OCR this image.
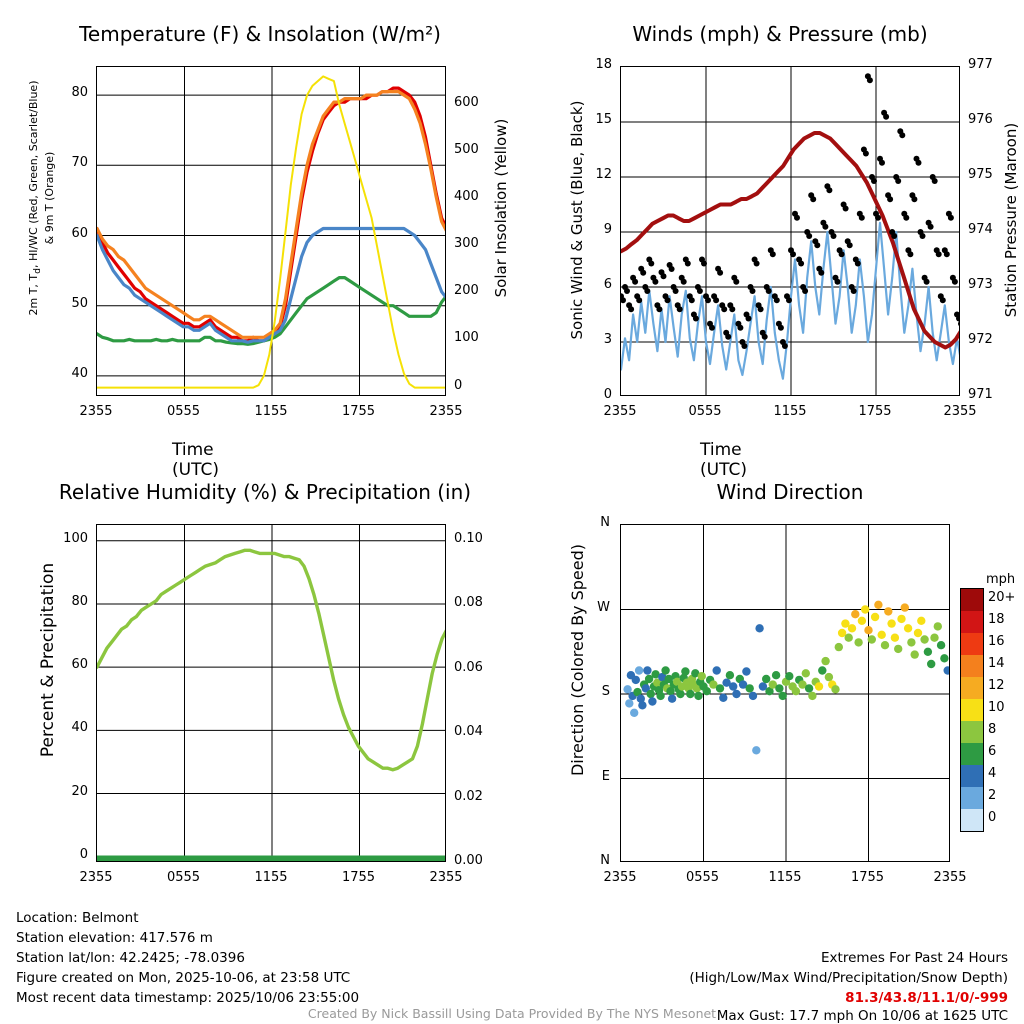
Temperature (F) & Insolation (W/m²)
2m T, $T_d$, HI/WC (Red, Green, Scarlet/Blue) & 9m T (Orange)	Solar Insolation (Yellow)
Time (UTC)
40
50
60
70
80
0
100
200
300
400
500
600
2355	0555	1155	1755	2355
Winds (mph) & Pressure (mb)
Sonic Wind & Gust (Blue, Black)	Station Pressure (Maroon)
Time (UTC)
0
3
6
9
12
15
18
971
972
973
974
975
976
977
2355	0555	1155	1755	2355
Relative Humidity (%) & Precipitation (in)
Percent & Precipitation
0
20
40
60
80
100
0.00
0.02
0.04
0.06
0.08
0.10
2355	0555	1155	1755	2355
Wind Direction
Direction (Colored By Speed)
N
W
S
E
N
2355	0555	1155	1755	2355
mph
20+
18
16
14
12
10
8
6
4
2
0
Location: Belmont
Station elevation: 417.576 m
Station lat/lon: 42.2425; -78.0396
Figure created on Mon, 2025-10-06, at 23:58 UTC
Most recent data timestamp: 2025/10/06 23:55:00
Extremes For Past 24 Hours
(High/Low/Max Wind/Precipitation/Snow Depth)
81.3/43.8/11.1/0/-999
Max Gust: 17.7 mph On 10/06 at 1625 UTC
Created By Nick Bassill Using Data Provided By The NYS Mesonet
